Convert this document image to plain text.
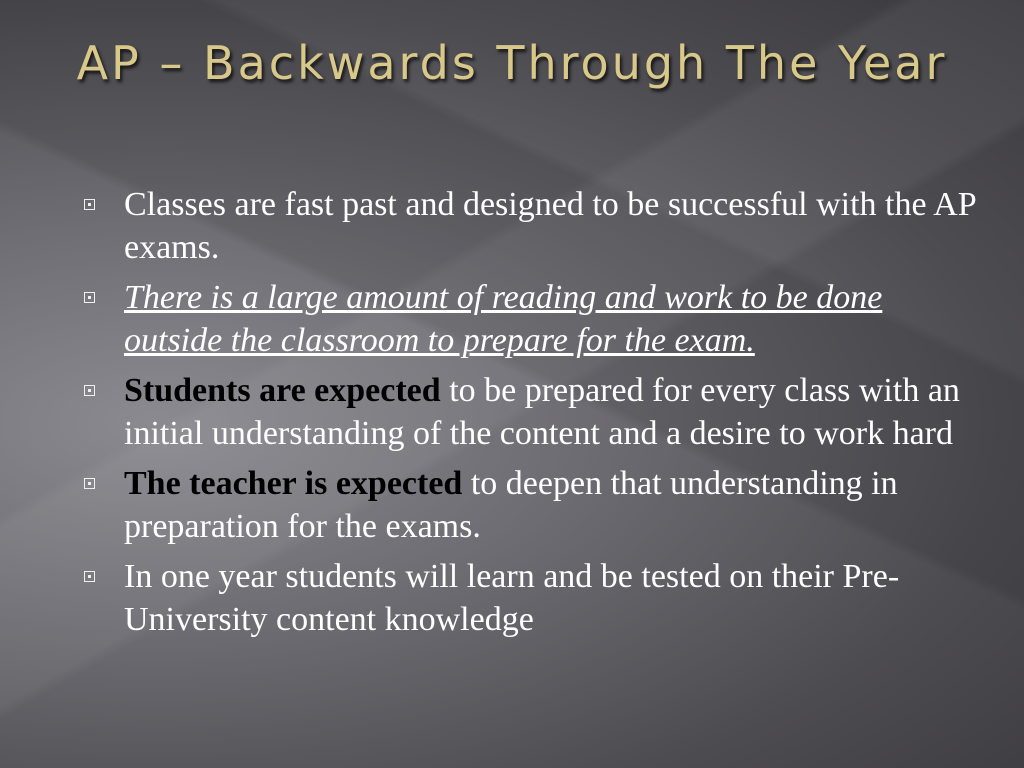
AP – Backwards Through The Year
Classes are fast past and designed to be successful with the AP exams.
There is a large amount of reading and work to be done outside the classroom to prepare for the exam.
Students are expected to be prepared for every class with an initial understanding of the content and a desire to work hard
The teacher is expected to deepen that understanding in preparation for the exams.
In one year students will learn and be tested on their Pre-University content knowledge
